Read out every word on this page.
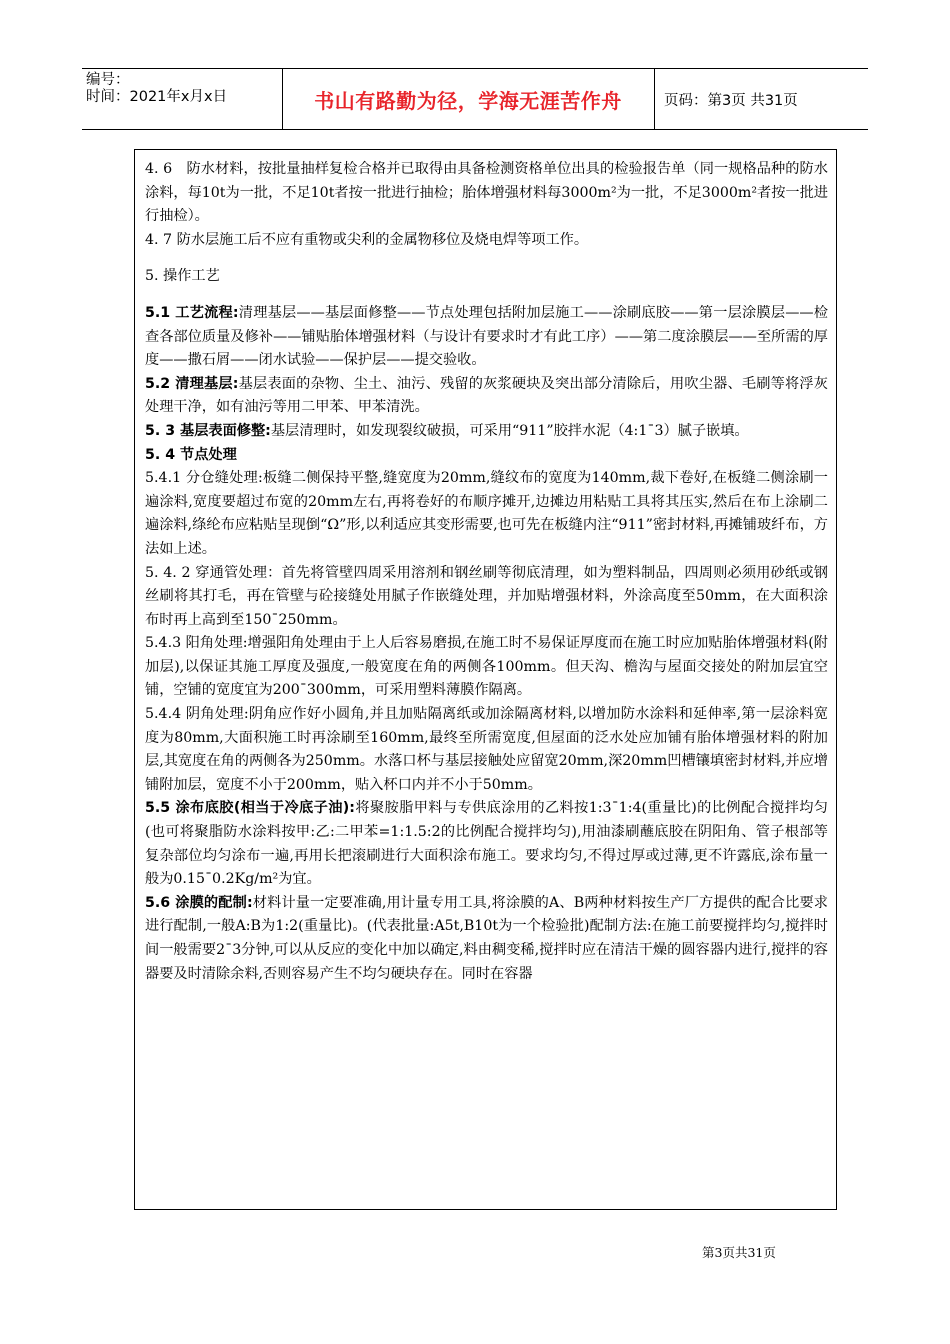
编号：
时间：2021年x月x日	书山有路勤为径，学海无涯苦作舟	页码：第3页 共31页

4. 6　防水材料，按批量抽样复检合格并已取得由具备检测资格单位出具的检验报告单（同一规格品种的防水涂料，每10t为一批，不足10t者按一批进行抽检；胎体增强材料每3000m²为一批，不足3000m²者按一批进行抽检）。

4. 7 防水层施工后不应有重物或尖利的金属物移位及烧电焊等项工作。

5. 操作工艺

5.1 工艺流程:清理基层——基层面修整——节点处理包括附加层施工——涂刷底胶——第一层涂膜层——检查各部位质量及修补——铺贴胎体增强材料（与设计有要求时才有此工序）——第二度涂膜层——至所需的厚度——撒石屑——闭水试验——保护层——提交验收。

5.2 清理基层:基层表面的杂物、尘土、油污、残留的灰浆硬块及突出部分清除后，用吹尘器、毛刷等将浮灰处理干净，如有油污等用二甲苯、甲苯清洗。

5. 3 基层表面修整:基层清理时，如发现裂纹破损，可采用“911”胶拌水泥（4:1¯3）腻子嵌填。

5. 4 节点处理

5.4.1 分仓缝处理:板缝二侧保持平整,缝宽度为20mm,缝纹布的宽度为140mm,裁下卷好,在板缝二侧涂刷一遍涂料,宽度要超过布宽的20mm左右,再将卷好的布顺序摊开,边摊边用粘贴工具将其压实,然后在布上涂刷二遍涂料,绦纶布应粘贴呈现倒“Ω”形,以利适应其变形需要,也可先在板缝内注“911”密封材料,再摊铺玻纤布，方法如上述。

5. 4. 2 穿通管处理：首先将管壁四周采用溶剂和钢丝刷等彻底清理，如为塑料制品，四周则必须用砂纸或钢丝刷将其打毛，再在管壁与砼接缝处用腻子作嵌缝处理，并加贴增强材料，外涂高度至50mm，在大面积涂布时再上高到至150¯250mm。

5.4.3 阳角处理:增强阳角处理由于上人后容易磨损,在施工时不易保证厚度而在施工时应加贴胎体增强材料(附加层),以保证其施工厚度及强度,一般宽度在角的两侧各100mm。但天沟、檐沟与屋面交接处的附加层宜空铺，空铺的宽度宜为200¯300mm，可采用塑料薄膜作隔离。

5.4.4 阴角处理:阴角应作好小圆角,并且加贴隔离纸或加涂隔离材料,以增加防水涂料和延伸率,第一层涂料宽度为80mm,大面积施工时再涂刷至160mm,最终至所需宽度,但屋面的泛水处应加铺有胎体增强材料的附加层,其宽度在角的两侧各为250mm。水落口杯与基层接触处应留宽20mm,深20mm凹槽镶填密封材料,并应增铺附加层，宽度不小于200mm，贴入杯口内并不小于50mm。

5.5 涂布底胶(相当于冷底子油):将聚胺脂甲料与专供底涂用的乙料按1:3¯1:4(重量比)的比例配合搅拌均匀(也可将聚脂防水涂料按甲:乙:二甲苯=1:1.5:2的比例配合搅拌均匀),用油漆刷蘸底胶在阴阳角、管子根部等复杂部位均匀涂布一遍,再用长把滚刷进行大面积涂布施工。要求均匀,不得过厚或过薄,更不许露底,涂布量一般为0.15¯0.2Kg/m²为宜。

5.6 涂膜的配制:材料计量一定要准确,用计量专用工具,将涂膜的A、B两种材料按生产厂方提供的配合比要求进行配制,一般A:B为1:2(重量比)。(代表批量:A5t,B10t为一个检验批)配制方法:在施工前要搅拌均匀,搅拌时间一般需要2¯3分钟,可以从反应的变化中加以确定,料由稠变稀,搅拌时应在清洁干燥的圆容器内进行,搅拌的容器要及时清除余料,否则容易产生不均匀硬块存在。同时在容器

第3页共31页
